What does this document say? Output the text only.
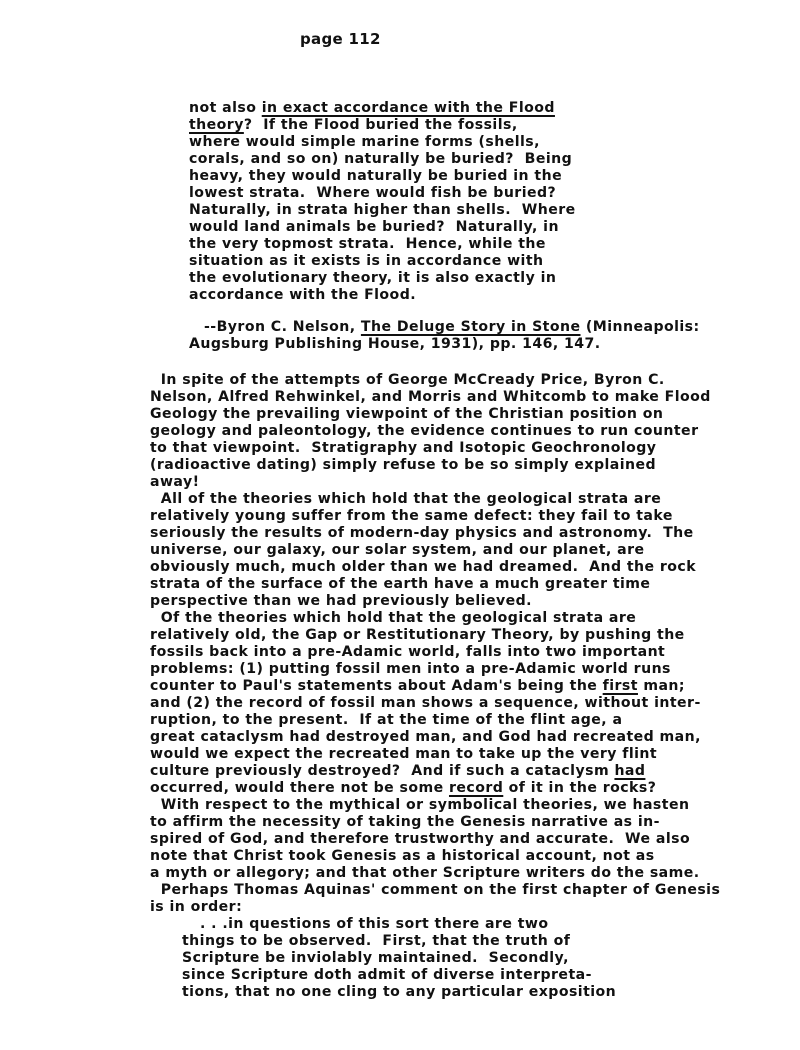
page 112
not also in exact accordance with the Flood
theory?  If the Flood buried the fossils,
where would simple marine forms (shells,
corals, and so on) naturally be buried?  Being
heavy, they would naturally be buried in the
lowest strata.  Where would fish be buried?
Naturally, in strata higher than shells.  Where
would land animals be buried?  Naturally, in
the very topmost strata.  Hence, while the
situation as it exists is in accordance with
the evolutionary theory, it is also exactly in
accordance with the Flood.
--Byron C. Nelson, The Deluge Story in Stone (Minneapolis:
Augsburg Publishing House, 1931), pp. 146, 147.
In spite of the attempts of George McCready Price, Byron C.
Nelson, Alfred Rehwinkel, and Morris and Whitcomb to make Flood
Geology the prevailing viewpoint of the Christian position on
geology and paleontology, the evidence continues to run counter
to that viewpoint.  Stratigraphy and Isotopic Geochronology
(radioactive dating) simply refuse to be so simply explained
away!
All of the theories which hold that the geological strata are
relatively young suffer from the same defect: they fail to take
seriously the results of modern-day physics and astronomy.  The
universe, our galaxy, our solar system, and our planet, are
obviously much, much older than we had dreamed.  And the rock
strata of the surface of the earth have a much greater time
perspective than we had previously believed.
Of the theories which hold that the geological strata are
relatively old, the Gap or Restitutionary Theory, by pushing the
fossils back into a pre-Adamic world, falls into two important
problems: (1) putting fossil men into a pre-Adamic world runs
counter to Paul's statements about Adam's being the first man;
and (2) the record of fossil man shows a sequence, without inter-
ruption, to the present.  If at the time of the flint age, a
great cataclysm had destroyed man, and God had recreated man,
would we expect the recreated man to take up the very flint
culture previously destroyed?  And if such a cataclysm had
occurred, would there not be some record of it in the rocks?
With respect to the mythical or symbolical theories, we hasten
to affirm the necessity of taking the Genesis narrative as in-
spired of God, and therefore trustworthy and accurate.  We also
note that Christ took Genesis as a historical account, not as
a myth or allegory; and that other Scripture writers do the same.
Perhaps Thomas Aquinas' comment on the first chapter of Genesis
is in order:
. . .in questions of this sort there are two
things to be observed.  First, that the truth of
Scripture be inviolably maintained.  Secondly,
since Scripture doth admit of diverse interpreta-
tions, that no one cling to any particular exposition
